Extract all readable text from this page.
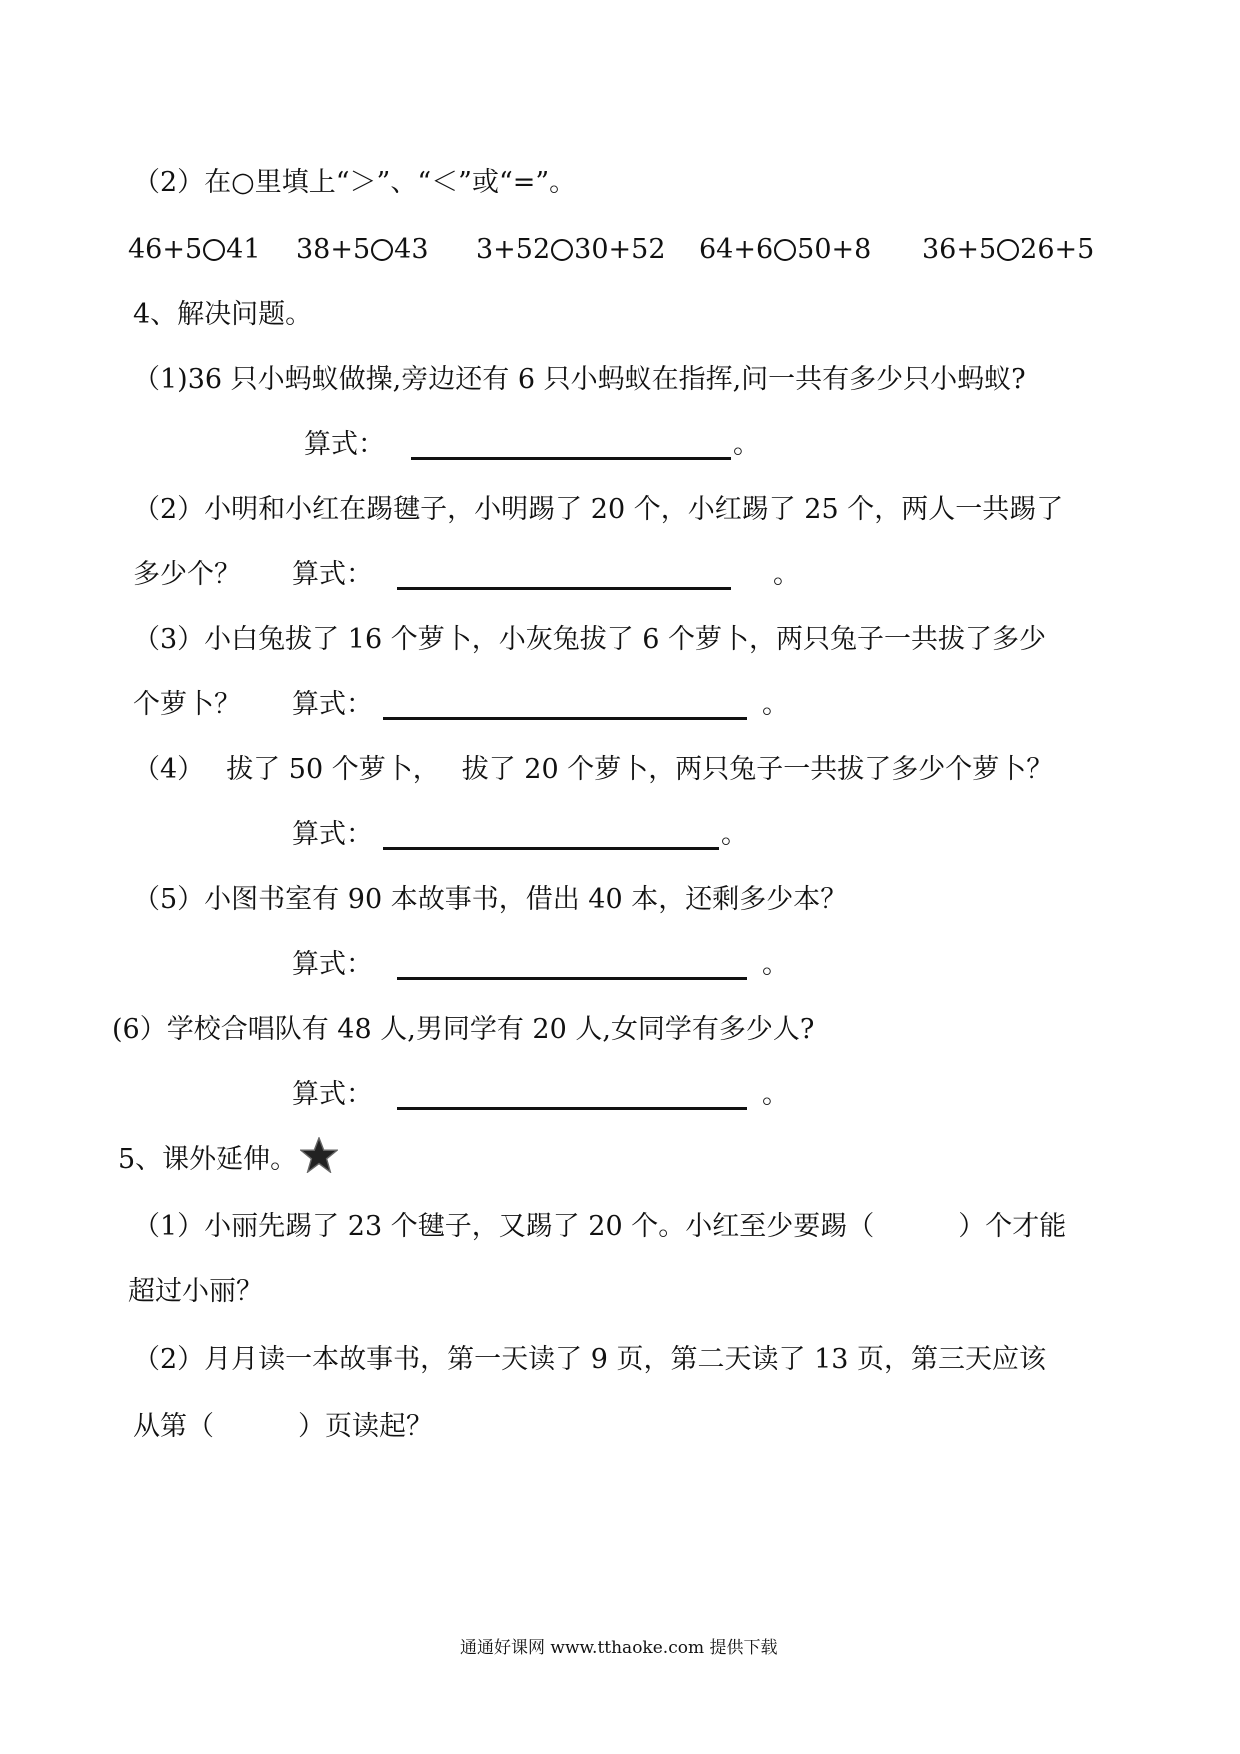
（2）在○里填上“＞”、“＜”或“=”。
46+5 41 38+5 43 3+52 30+52 64+6 50+8 36+5 26+5
4、解决问题。
（1)36 只小蚂蚁做操,旁边还有 6 只小蚂蚁在指挥,问一共有多少只小蚂蚁?
算式：	。
（2）小明和小红在踢毽子，小明踢了 20 个，小红踢了 25 个，两人一共踢了
多少个？ 算式：	。
（3）小白兔拔了 16 个萝卜，小灰兔拔了 6 个萝卜，两只兔子一共拔了多少
个萝卜？ 算式：	。
（4） 拔了 50 个萝卜， 拔了 20 个萝卜，两只兔子一共拔了多少个萝卜？
算式：	。
（5）小图书室有 90 本故事书，借出 40 本，还剩多少本？
算式：	。
(6）学校合唱队有 48 人,男同学有 20 人,女同学有多少人?
算式：	。
5、课外延伸。
（1）小丽先踢了 23 个毽子，又踢了 20 个。小红至少要踢（	）个才能
超过小丽？
（2）月月读一本故事书，第一天读了 9 页，第二天读了 13 页，第三天应该
从第（	）页读起？
通通好课网 www.tthaoke.com 提供下载
